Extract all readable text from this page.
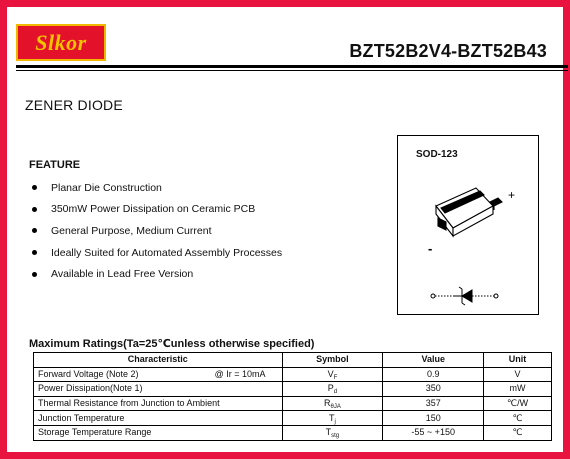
Slkor	BZT52B2V4-BZT52B43
ZENER DIODE
FEATURE
Planar Die Construction
350mW Power Dissipation on Ceramic PCB
General Purpose, Medium Current
Ideally Suited for Automated Assembly Processes
Available in Lead Free Version
SOD-123
+
-
Maximum Ratings(Ta=25℃unless otherwise specified)
Characteristic	Symbol	Value	Unit

Forward Voltage (Note 2) @ Ir = 10mA	$V_F$	0.9	V

Power Dissipation(Note 1)	$P_d$	350	mW

Thermal Resistance from Junction to Ambient	$R_{\theta JA}$	357	℃/W

Junction Temperature	$T_j$	150	℃

Storage Temperature Range	$T_{stg}$	-55 ~ +150	℃
